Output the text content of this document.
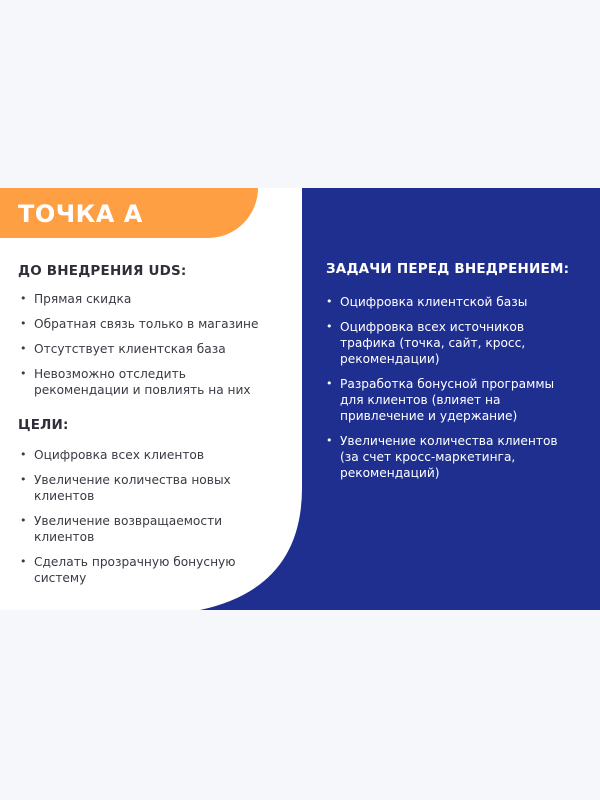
ТОЧКА А
ДО ВНЕДРЕНИЯ UDS:
• Прямая скидка
• Обратная связь только в магазине
• Отсутствует клиентская база
• Невозможно отследить рекомендации и повлиять на них
ЦЕЛИ:
• Оцифровка всех клиентов
• Увеличение количества новых клиентов
• Увеличение возвращаемости клиентов
• Сделать прозрачную бонусную систему
ЗАДАЧИ ПЕРЕД ВНЕДРЕНИЕМ:
• Оцифровка клиентской базы
• Оцифровка всех источников трафика (точка, сайт, кросс, рекомендации)
• Разработка бонусной программы для клиентов (влияет на привлечение и удержание)
• Увеличение количества клиентов (за счет кросс-маркетинга, рекомендаций)
